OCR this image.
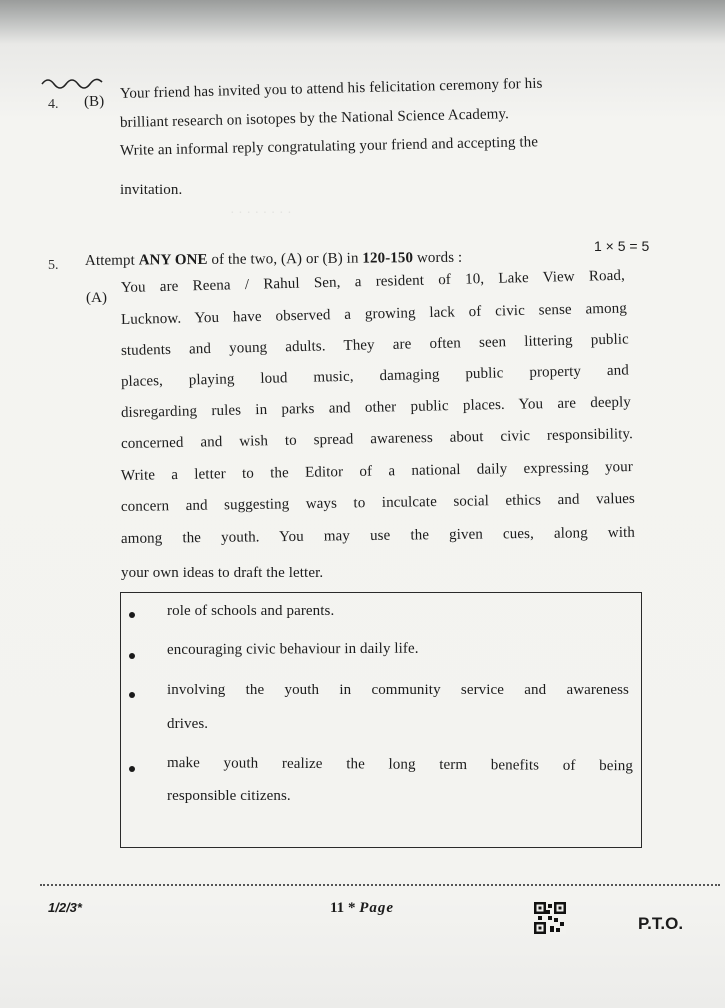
· · · · · · · ·
4. (B) Your friend has invited you to attend his felicitation ceremony for his
brilliant research on isotopes by the National Science Academy.
Write an informal reply congratulating your friend and accepting the
invitation.
5. Attempt ANY ONE of the two, (A) or (B) in 120-150 words :
1 × 5 = 5
(A)
You are Reena / Rahul Sen, a resident of 10, Lake View Road,
Lucknow. You have observed a growing lack of civic sense among
students and young adults. They are often seen littering public
places, playing loud music, damaging public property and
disregarding rules in parks and other public places. You are deeply
concerned and wish to spread awareness about civic responsibility.
Write a letter to the Editor of a national daily expressing your
concern and suggesting ways to inculcate social ethics and values
among the youth. You may use the given cues, along with
your own ideas to draft the letter.
role of schools and parents.
encouraging civic behaviour in daily life.
involving the youth in community service and awareness
drives.
make youth realize the long term benefits of being
responsible citizens.
1/2/3*	11 * Page
P.T.O.
